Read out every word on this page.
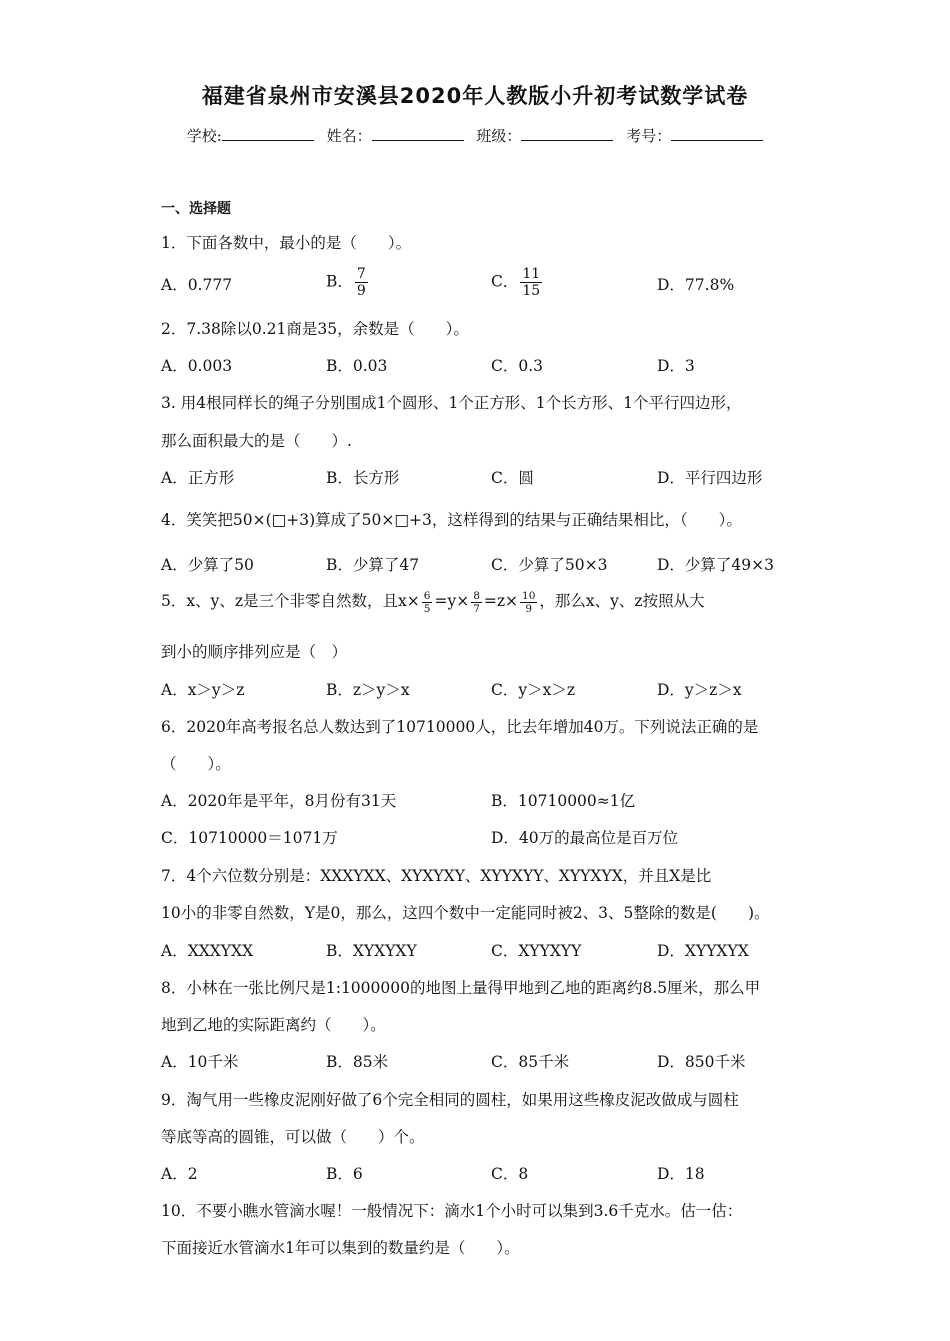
福建省泉州市安溪县2020年人教版小升初考试数学试卷
学校:	姓名：	班级：	考号：
一、选择题
1．下面各数中，最小的是（　　）。
A．0.777	B． $\frac{7}{9}$	C． $\frac{11}{15}$	D．77.8%
2．7.38除以0.21商是35，余数是（　　）。
A．0.003	B．0.03	C．0.3	D．3
3. 用4根同样长的绳子分别围成1个圆形、1个正方形、1个长方形、1个平行四边形，
那么面积最大的是（　　）.
A．正方形	B．长方形	C．圆	D．平行四边形
4．笑笑把50×(□+3)算成了50×□+3，这样得到的结果与正确结果相比，（　　）。
A．少算了50	B．少算了47	C．少算了50×3	D．少算了49×3
5．x、y、z是三个非零自然数，且$x\times \frac{6}{5} =y\times \frac{8}{7} =z\times \frac{10}{9}$ ，那么x、y、z按照从大
到小的顺序排列应是（　）
A．x＞y＞z	B．z＞y＞x	C．y＞x＞z	D．y＞z＞x
6．2020年高考报名总人数达到了10710000人，比去年增加40万。下列说法正确的是
（　　）。
A．2020年是平年，8月份有31天	B．10710000≈1亿
C．10710000＝1071万	D．40万的最高位是百万位
7．4个六位数分别是：XXXYXX、XYXYXY、XYYXYY、XYYXYX，并且X是比
10小的非零自然数，Y是0，那么，这四个数中一定能同时被2、3、5整除的数是(　　)。
A．XXXYXX	B．XYXYXY	C．XYYXYY	D．XYYXYX
8．小林在一张比例尺是1:1000000的地图上量得甲地到乙地的距离约8.5厘米，那么甲
地到乙地的实际距离约（　　）。
A．10千米	B．85米	C．85千米	D．850千米
9．淘气用一些橡皮泥刚好做了6个完全相同的圆柱，如果用这些橡皮泥改做成与圆柱
等底等高的圆锥，可以做（　　）个。
A．2	B．6	C．8	D．18
10．不要小瞧水管滴水喔！一般情况下：滴水1个小时可以集到3.6千克水。估一估：
下面接近水管滴水1年可以集到的数量约是（　　）。
